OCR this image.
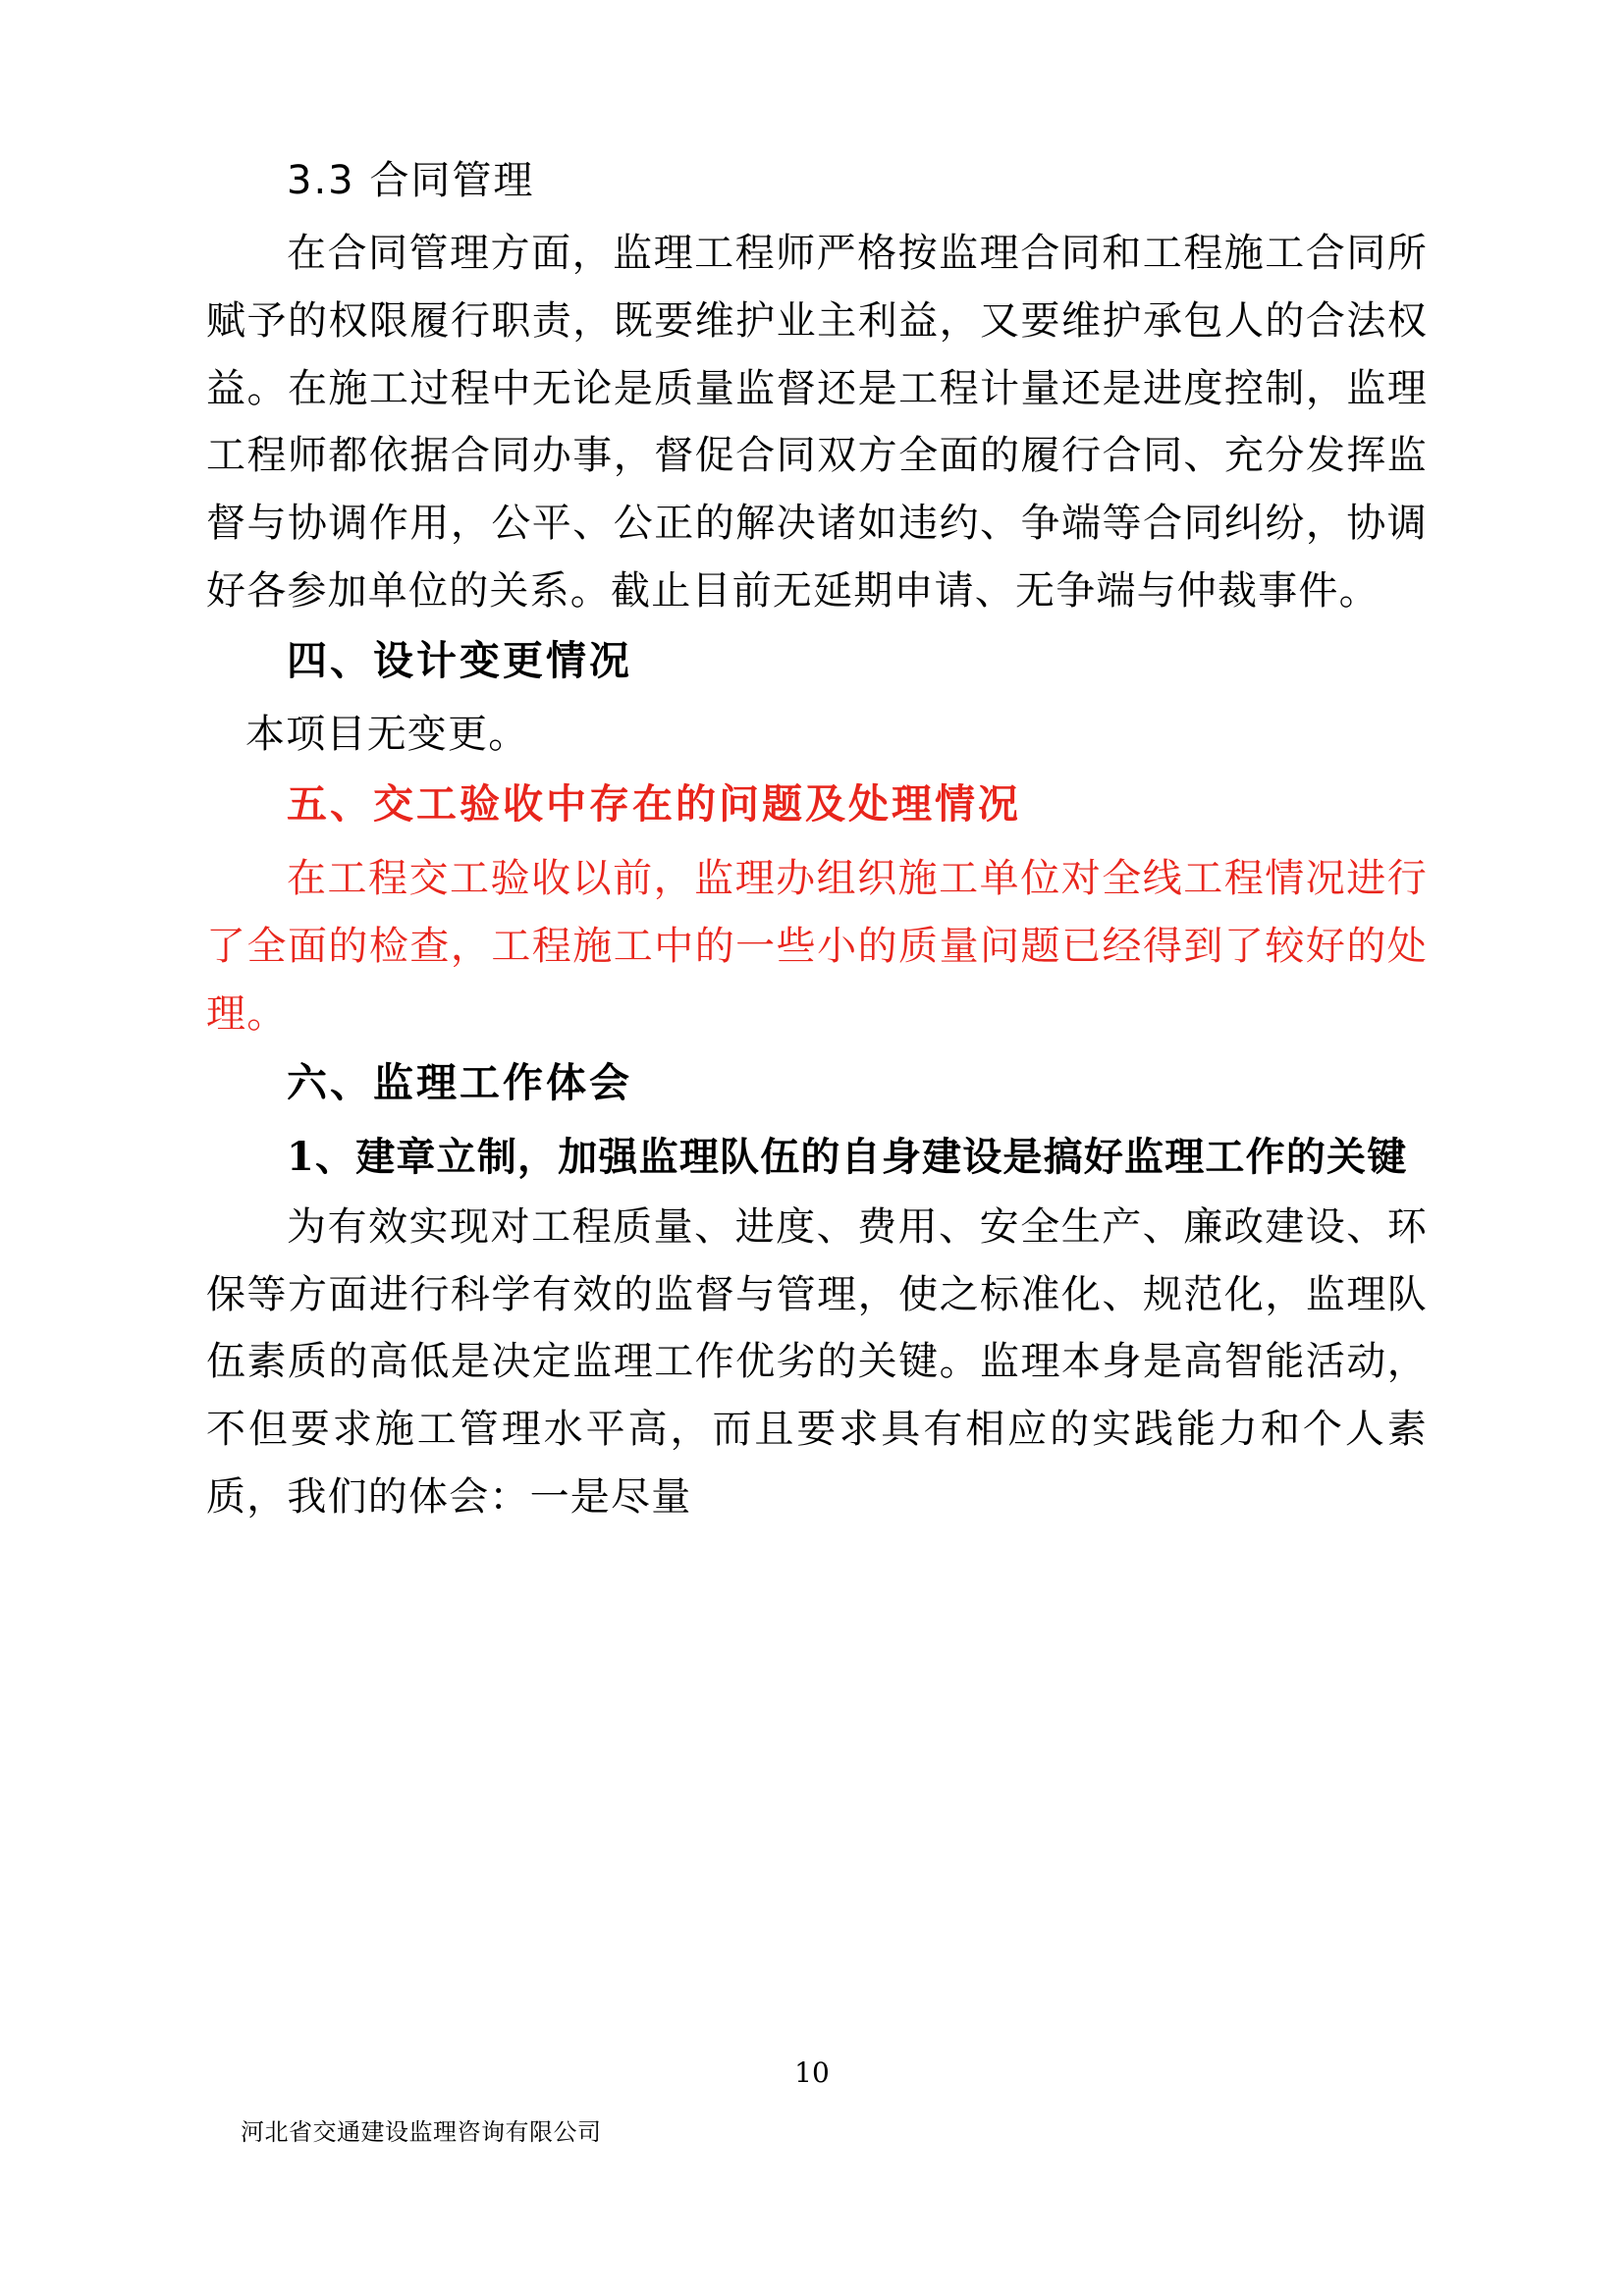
3.3 合同管理
在合同管理方面，监理工程师严格按监理合同和工程施工合同所赋予的权限履行职责，既要维护业主利益，又要维护承包人的合法权益。在施工过程中无论是质量监督还是工程计量还是进度控制，监理工程师都依据合同办事，督促合同双方全面的履行合同、充分发挥监督与协调作用，公平、公正的解决诸如违约、争端等合同纠纷，协调好各参加单位的关系。截止目前无延期申请、无争端与仲裁事件。
四、设计变更情况
本项目无变更。
五、交工验收中存在的问题及处理情况
在工程交工验收以前，监理办组织施工单位对全线工程情况进行了全面的检查，工程施工中的一些小的质量问题已经得到了较好的处理。
六、监理工作体会
1、建章立制，加强监理队伍的自身建设是搞好监理工作的关键
为有效实现对工程质量、进度、费用、安全生产、廉政建设、环保等方面进行科学有效的监督与管理，使之标准化、规范化，监理队伍素质的高低是决定监理工作优劣的关键。监理本身是高智能活动，不但要求施工管理水平高，而且要求具有相应的实践能力和个人素质，我们的体会：一是尽量
10
河北省交通建设监理咨询有限公司
